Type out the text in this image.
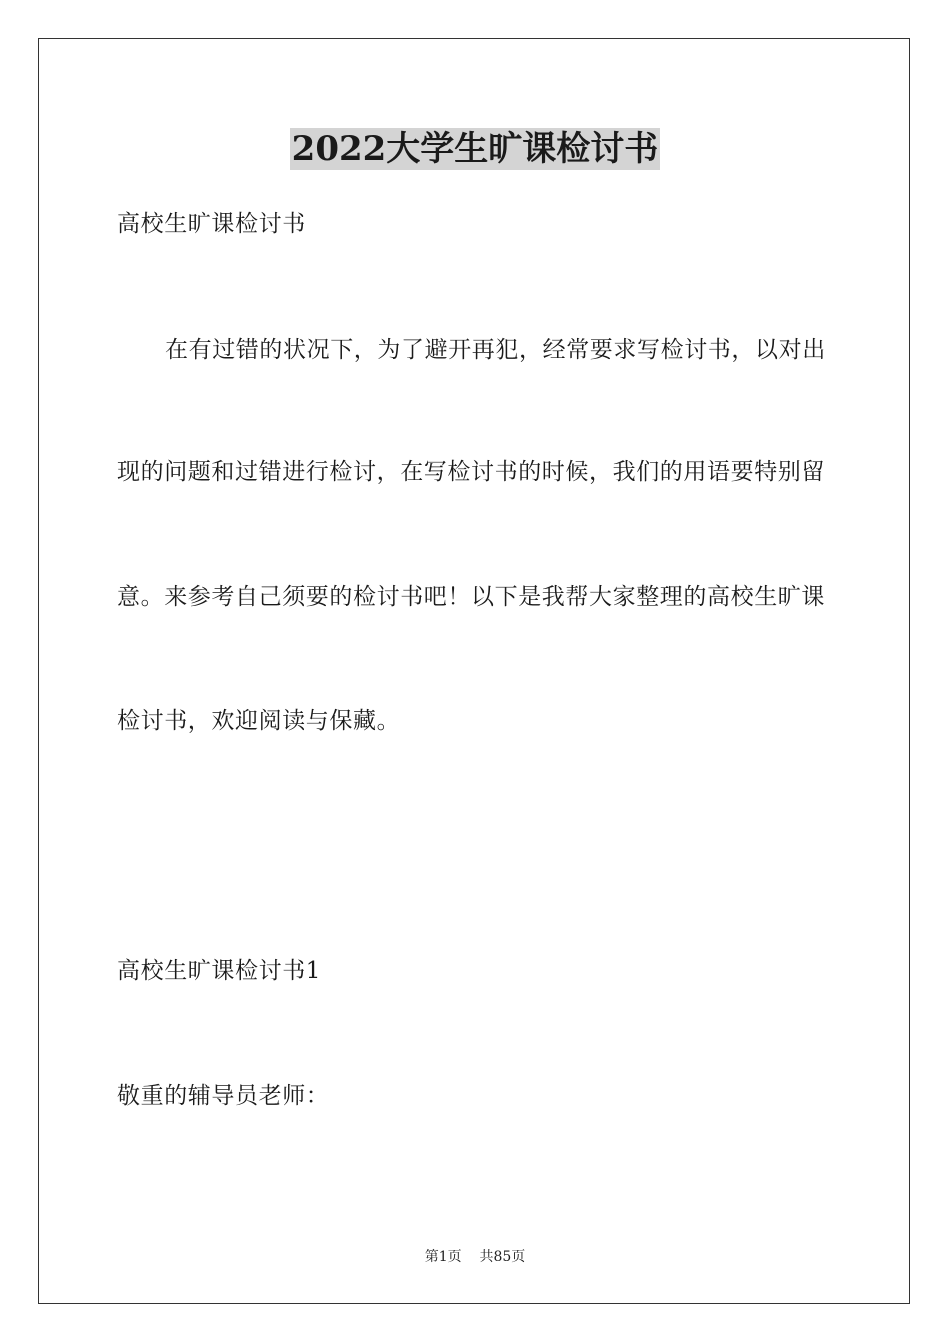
2022大学生旷课检讨书
高校生旷课检讨书
在有过错的状况下，为了避开再犯，经常要求写检讨书，以对出
现的问题和过错进行检讨，在写检讨书的时候，我们的用语要特别留
意。来参考自己须要的检讨书吧！以下是我帮大家整理的高校生旷课
检讨书，欢迎阅读与保藏。
高校生旷课检讨书1
敬重的辅导员老师：
第1页 共85页
